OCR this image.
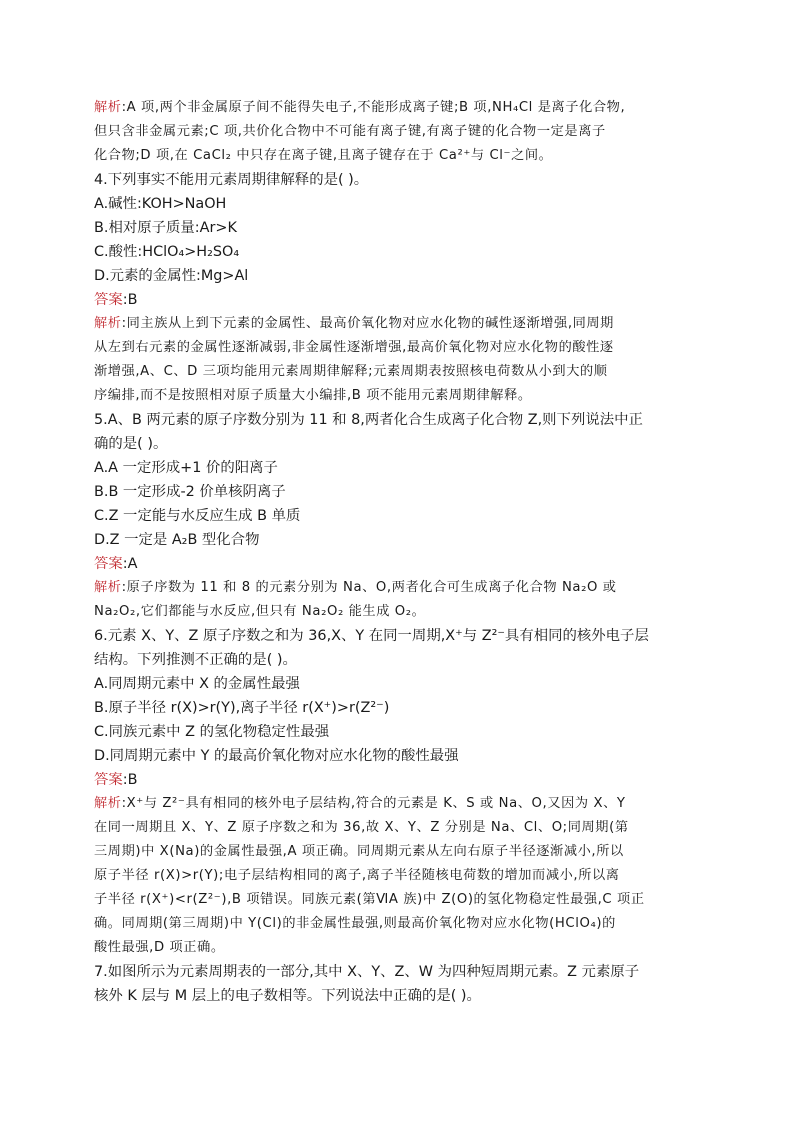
解析:A 项,两个非金属原子间不能得失电子,不能形成离子键;B 项,NH₄Cl 是离子化合物,
但只含非金属元素;C 项,共价化合物中不可能有离子键,有离子键的化合物一定是离子
化合物;D 项,在 CaCl₂ 中只存在离子键,且离子键存在于 Ca²⁺与 Cl⁻之间。
4.下列事实不能用元素周期律解释的是( )。
A.碱性:KOH>NaOH
B.相对原子质量:Ar>K
C.酸性:HClO₄>H₂SO₄
D.元素的金属性:Mg>Al
答案:B
解析:同主族从上到下元素的金属性、最高价氧化物对应水化物的碱性逐渐增强,同周期
从左到右元素的金属性逐渐减弱,非金属性逐渐增强,最高价氧化物对应水化物的酸性逐
渐增强,A、C、D 三项均能用元素周期律解释;元素周期表按照核电荷数从小到大的顺
序编排,而不是按照相对原子质量大小编排,B 项不能用元素周期律解释。
5.A、B 两元素的原子序数分别为 11 和 8,两者化合生成离子化合物 Z,则下列说法中正
确的是( )。
A.A 一定形成+1 价的阳离子
B.B 一定形成-2 价单核阴离子
C.Z 一定能与水反应生成 B 单质
D.Z 一定是 A₂B 型化合物
答案:A
解析:原子序数为 11 和 8 的元素分别为 Na、O,两者化合可生成离子化合物 Na₂O 或
Na₂O₂,它们都能与水反应,但只有 Na₂O₂ 能生成 O₂。
6.元素 X、Y、Z 原子序数之和为 36,X、Y 在同一周期,X⁺与 Z²⁻具有相同的核外电子层
结构。下列推测不正确的是( )。
A.同周期元素中 X 的金属性最强
B.原子半径 r(X)>r(Y),离子半径 r(X⁺)>r(Z²⁻)
C.同族元素中 Z 的氢化物稳定性最强
D.同周期元素中 Y 的最高价氧化物对应水化物的酸性最强
答案:B
解析:X⁺与 Z²⁻具有相同的核外电子层结构,符合的元素是 K、S 或 Na、O,又因为 X、Y
在同一周期且 X、Y、Z 原子序数之和为 36,故 X、Y、Z 分别是 Na、Cl、O;同周期(第
三周期)中 X(Na)的金属性最强,A 项正确。同周期元素从左向右原子半径逐渐减小,所以
原子半径 r(X)>r(Y);电子层结构相同的离子,离子半径随核电荷数的增加而减小,所以离
子半径 r(X⁺)<r(Z²⁻),B 项错误。同族元素(第ⅥA 族)中 Z(O)的氢化物稳定性最强,C 项正
确。同周期(第三周期)中 Y(Cl)的非金属性最强,则最高价氧化物对应水化物(HClO₄)的
酸性最强,D 项正确。
7.如图所示为元素周期表的一部分,其中 X、Y、Z、W 为四种短周期元素。Z 元素原子
核外 K 层与 M 层上的电子数相等。下列说法中正确的是( )。
